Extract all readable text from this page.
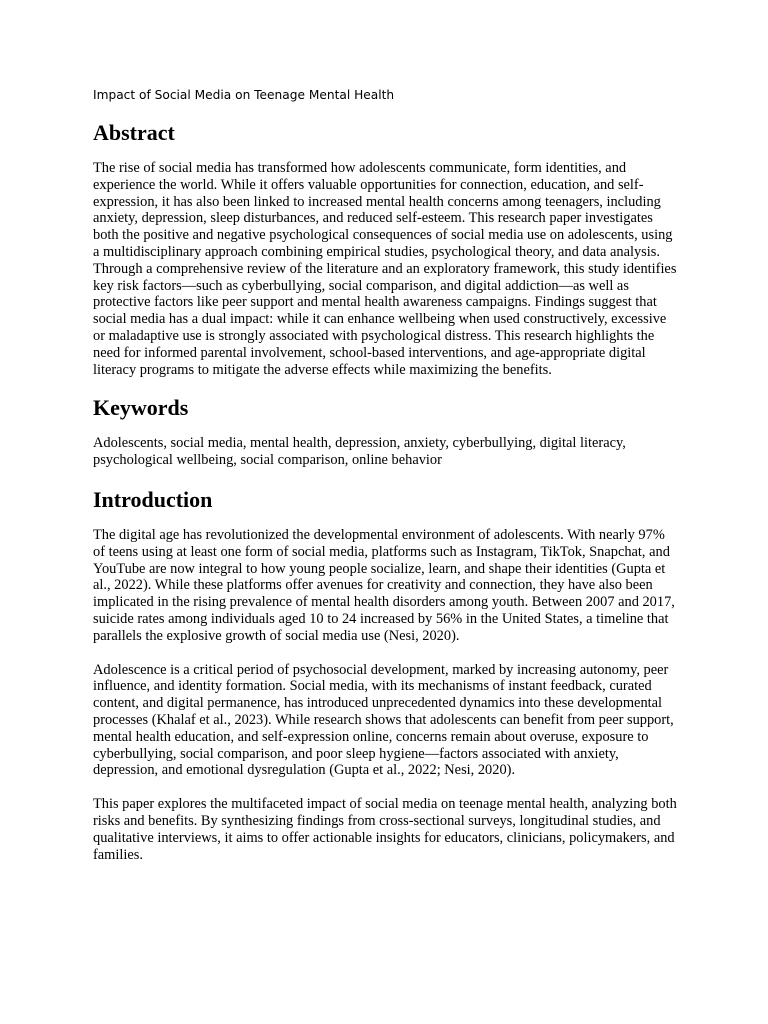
Impact of Social Media on Teenage Mental Health
Abstract

The rise of social media has transformed how adolescents communicate, form identities, and experience the world. While it offers valuable opportunities for connection, education, and self-expression, it has also been linked to increased mental health concerns among teenagers, including anxiety, depression, sleep disturbances, and reduced self-esteem. This research paper investigates both the positive and negative psychological consequences of social media use on adolescents, using a multidisciplinary approach combining empirical studies, psychological theory, and data analysis. Through a comprehensive review of the literature and an exploratory framework, this study identifies key risk factors—such as cyberbullying, social comparison, and digital addiction—as well as protective factors like peer support and mental health awareness campaigns. Findings suggest that social media has a dual impact: while it can enhance wellbeing when used constructively, excessive or maladaptive use is strongly associated with psychological distress. This research highlights the need for informed parental involvement, school-based interventions, and age-appropriate digital literacy programs to mitigate the adverse effects while maximizing the benefits.

Keywords

Adolescents, social media, mental health, depression, anxiety, cyberbullying, digital literacy, psychological wellbeing, social comparison, online behavior

Introduction

The digital age has revolutionized the developmental environment of adolescents. With nearly 97% of teens using at least one form of social media, platforms such as Instagram, TikTok, Snapchat, and YouTube are now integral to how young people socialize, learn, and shape their identities (Gupta et al., 2022). While these platforms offer avenues for creativity and connection, they have also been implicated in the rising prevalence of mental health disorders among youth. Between 2007 and 2017, suicide rates among individuals aged 10 to 24 increased by 56% in the United States, a timeline that parallels the explosive growth of social media use (Nesi, 2020).

Adolescence is a critical period of psychosocial development, marked by increasing autonomy, peer influence, and identity formation. Social media, with its mechanisms of instant feedback, curated content, and digital permanence, has introduced unprecedented dynamics into these developmental processes (Khalaf et al., 2023). While research shows that adolescents can benefit from peer support, mental health education, and self-expression online, concerns remain about overuse, exposure to cyberbullying, social comparison, and poor sleep hygiene—factors associated with anxiety, depression, and emotional dysregulation (Gupta et al., 2022; Nesi, 2020).

This paper explores the multifaceted impact of social media on teenage mental health, analyzing both risks and benefits. By synthesizing findings from cross-sectional surveys, longitudinal studies, and qualitative interviews, it aims to offer actionable insights for educators, clinicians, policymakers, and families.
